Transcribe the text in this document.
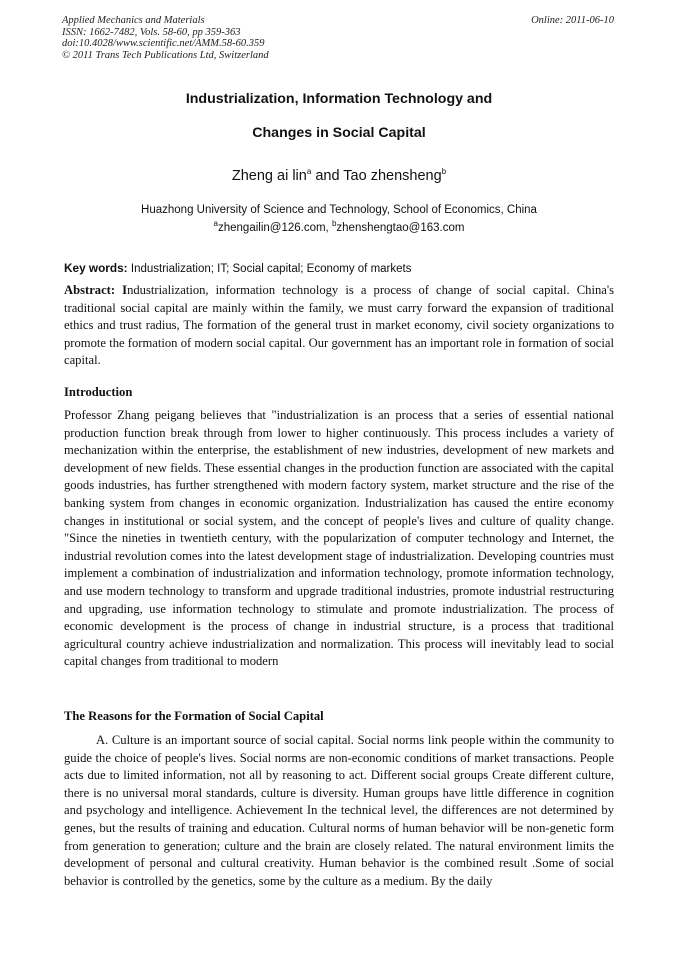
Applied Mechanics and Materials
ISSN: 1662-7482, Vols. 58-60, pp 359-363
doi:10.4028/www.scientific.net/AMM.58-60.359
© 2011 Trans Tech Publications Ltd, Switzerland
Online: 2011-06-10
Industrialization, Information Technology and
Changes in Social Capital
Zheng ai lin$^a$ and Tao zhensheng$^b$
Huazhong University of Science and Technology, School of Economics, China
$^a$zhengailin@126.com, $^b$zhenshengtao@163.com
Key words: Industrialization; IT; Social capital; Economy of markets
Abstract: Industrialization, information technology is a process of change of social capital. China's traditional social capital are mainly within the family, we must carry forward the expansion of traditional ethics and trust radius, The formation of the general trust in market economy, civil society organizations to promote the formation of modern social capital. Our government has an important role in formation of social capital.
Introduction
Professor Zhang peigang believes that "industrialization is an process that a series of essential national production function break through from lower to higher continuously. This process includes a variety of mechanization within the enterprise, the establishment of new industries, development of new markets and development of new fields. These essential changes in the production function are associated with the capital goods industries, has further strengthened with modern factory system, market structure and the rise of the banking system from changes in economic organization. Industrialization has caused the entire economy changes in institutional or social system, and the concept of people's lives and culture of quality change. "Since the nineties in twentieth century, with the popularization of computer technology and Internet, the industrial revolution comes into the latest development stage of industrialization. Developing countries must implement a combination of industrialization and information technology, promote information technology, and use modern technology to transform and upgrade traditional industries, promote industrial restructuring and upgrading, use information technology to stimulate and promote industrialization. The process of economic development is the process of change in industrial structure, is a process that traditional agricultural country achieve industrialization and normalization. This process will inevitably lead to social capital changes from traditional to modern
The Reasons for the Formation of Social Capital
A. Culture is an important source of social capital. Social norms link people within the community to guide the choice of people's lives. Social norms are non-economic conditions of market transactions. People acts due to limited information, not all by reasoning to act. Different social groups Create different culture, there is no universal moral standards, culture is diversity. Human groups have little difference in cognition and psychology and intelligence. Achievement In the technical level, the differences are not determined by genes, but the results of training and education. Cultural norms of human behavior will be non-genetic form from generation to generation; culture and the brain are closely related. The natural environment limits the development of personal and cultural creativity. Human behavior is the combined result .Some of social behavior is controlled by the genetics, some by the culture as a medium. By the daily
